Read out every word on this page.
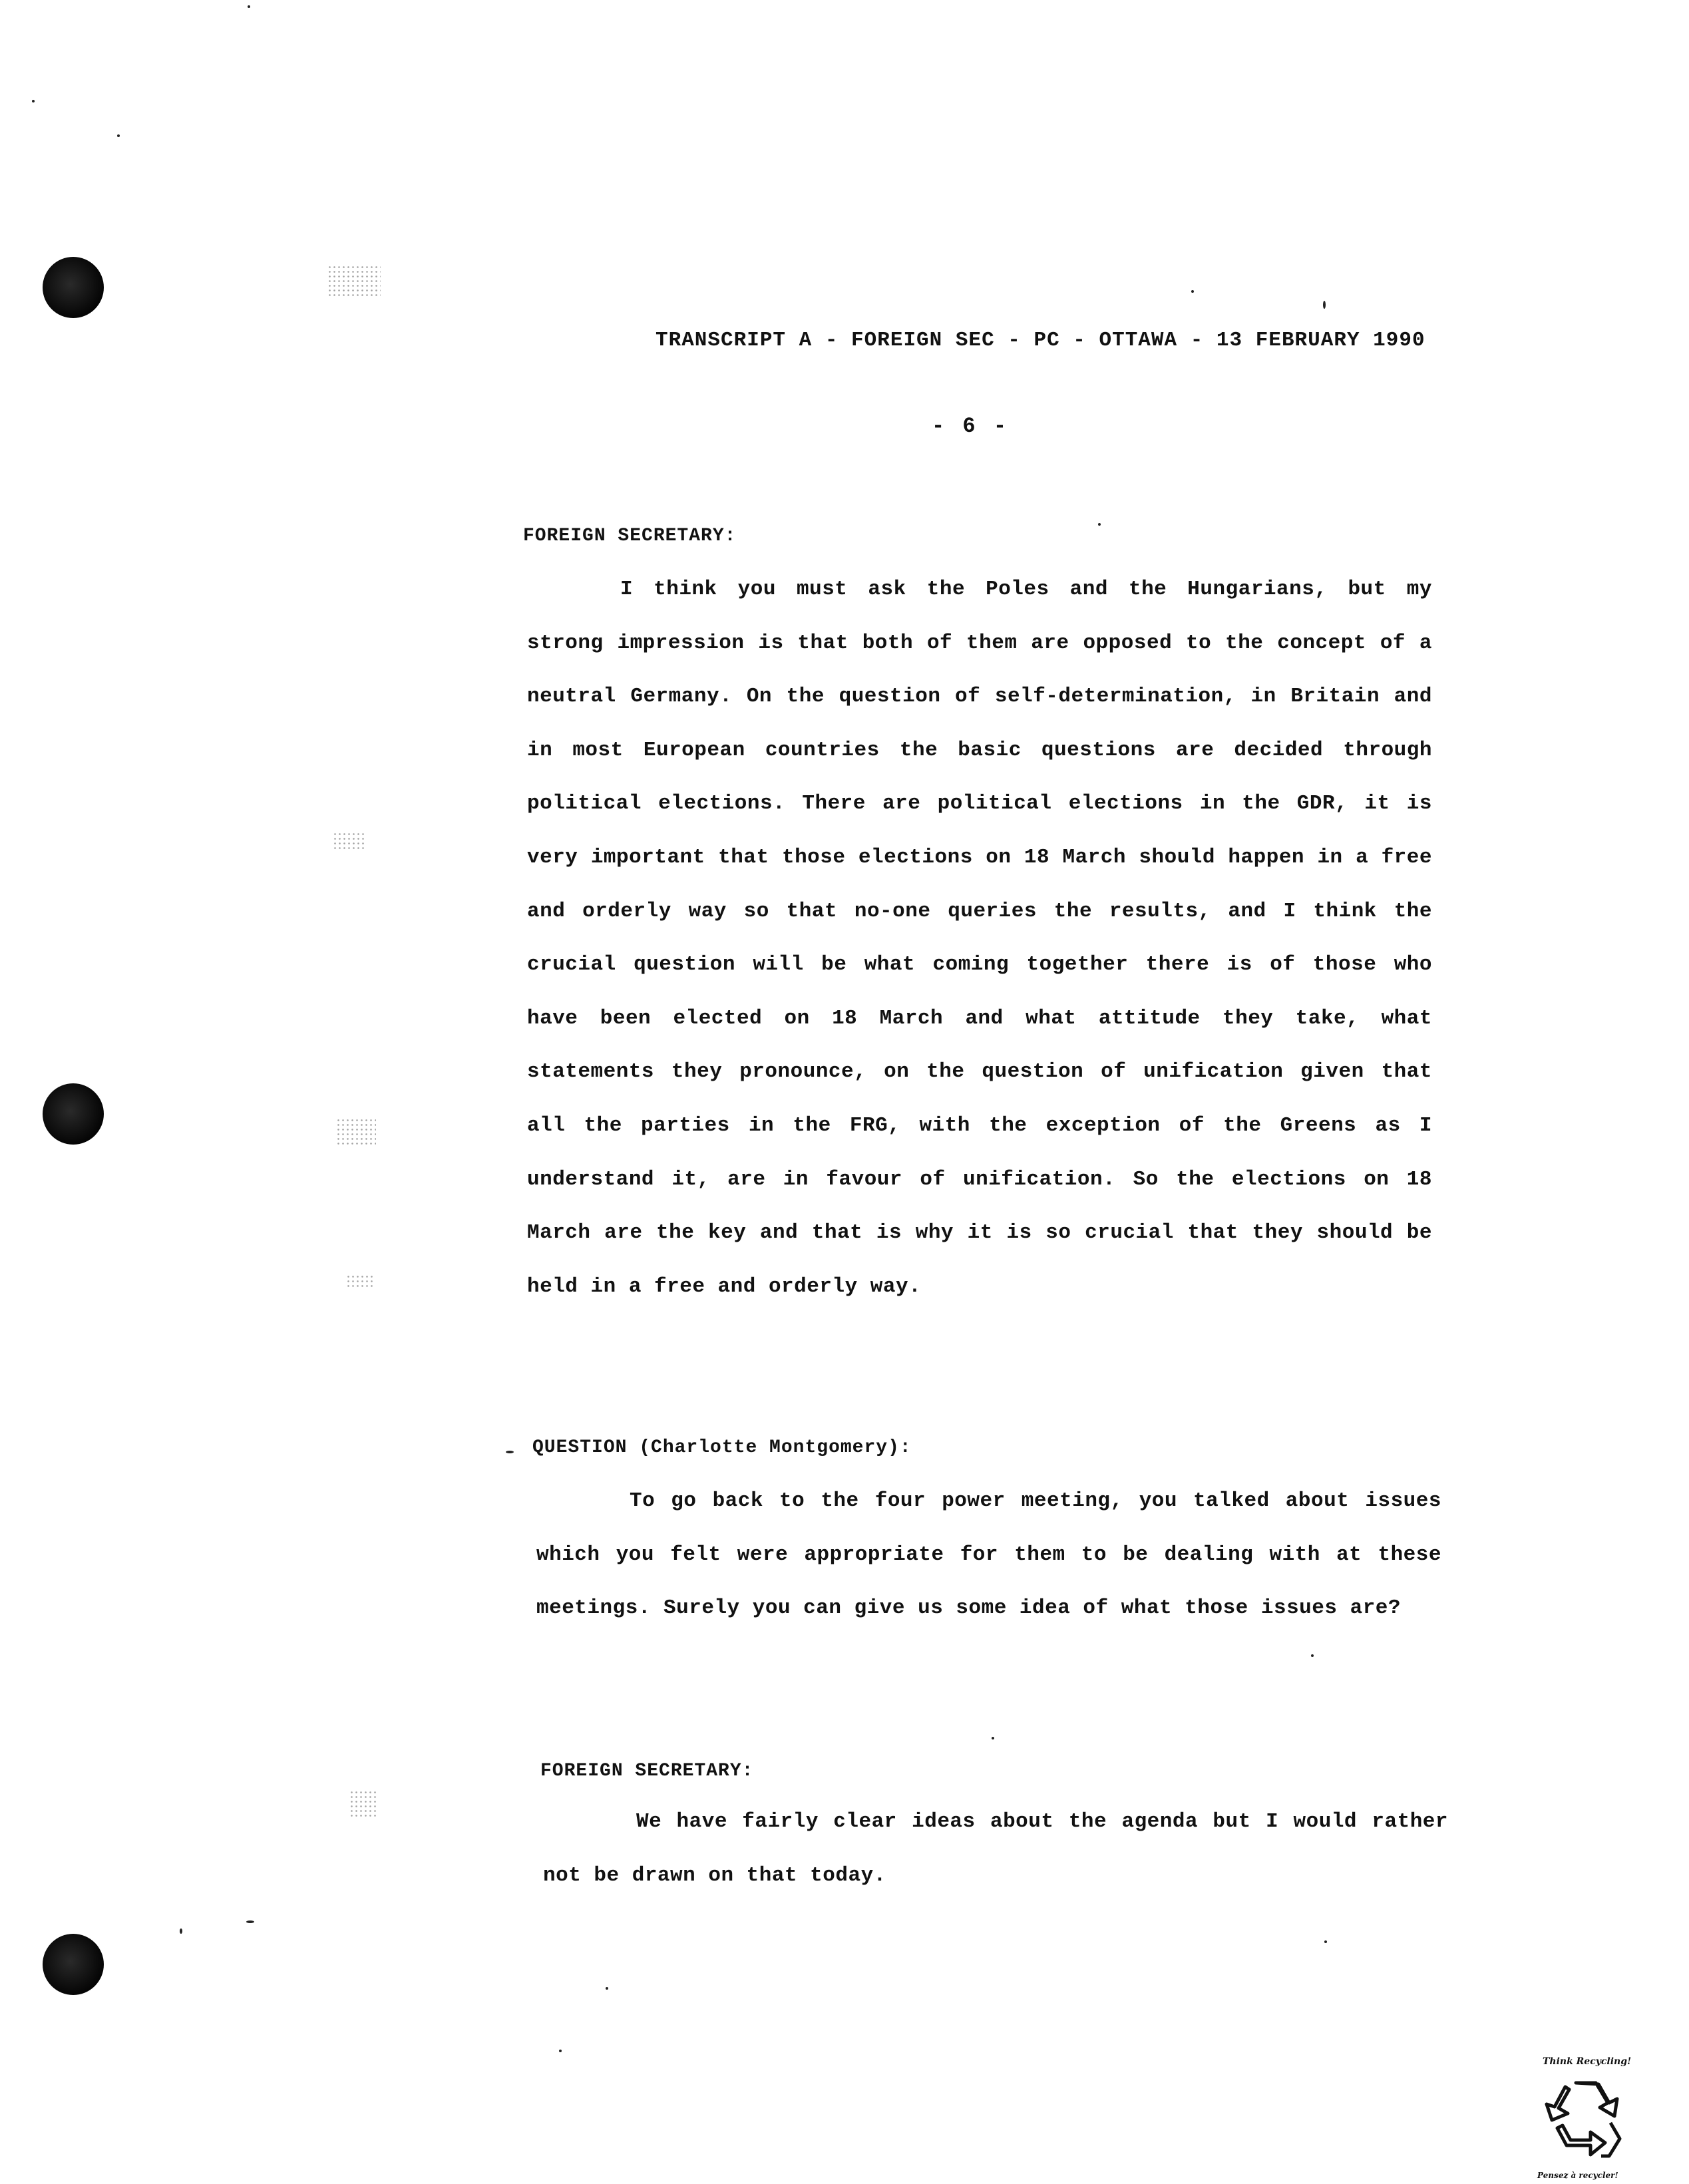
TRANSCRIPT A - FOREIGN SEC - PC - OTTAWA - 13 FEBRUARY 1990
- 6 -
FOREIGN SECRETARY:
I think you must ask the Poles and the Hungarians, but my strong impression is that both of them are opposed to the concept of a neutral Germany. On the question of self-determination, in Britain and in most European countries the basic questions are decided through political elections. There are political elections in the GDR, it is very important that those elections on 18 March should happen in a free and orderly way so that no-one queries the results, and I think the crucial question will be what coming together there is of those who have been elected on 18 March and what attitude they take, what statements they pronounce, on the question of unification given that all the parties in the FRG, with the exception of the Greens as I understand it, are in favour of unification. So the elections on 18 March are the key and that is why it is so crucial that they should be held in a free and orderly way.
QUESTION (Charlotte Montgomery):
To go back to the four power meeting, you talked about issues which you felt were appropriate for them to be dealing with at these meetings. Surely you can give us some idea of what those issues are?
FOREIGN SECRETARY:
We have fairly clear ideas about the agenda but I would rather not be drawn on that today.
Think Recycling!
Pensez à recycler!
